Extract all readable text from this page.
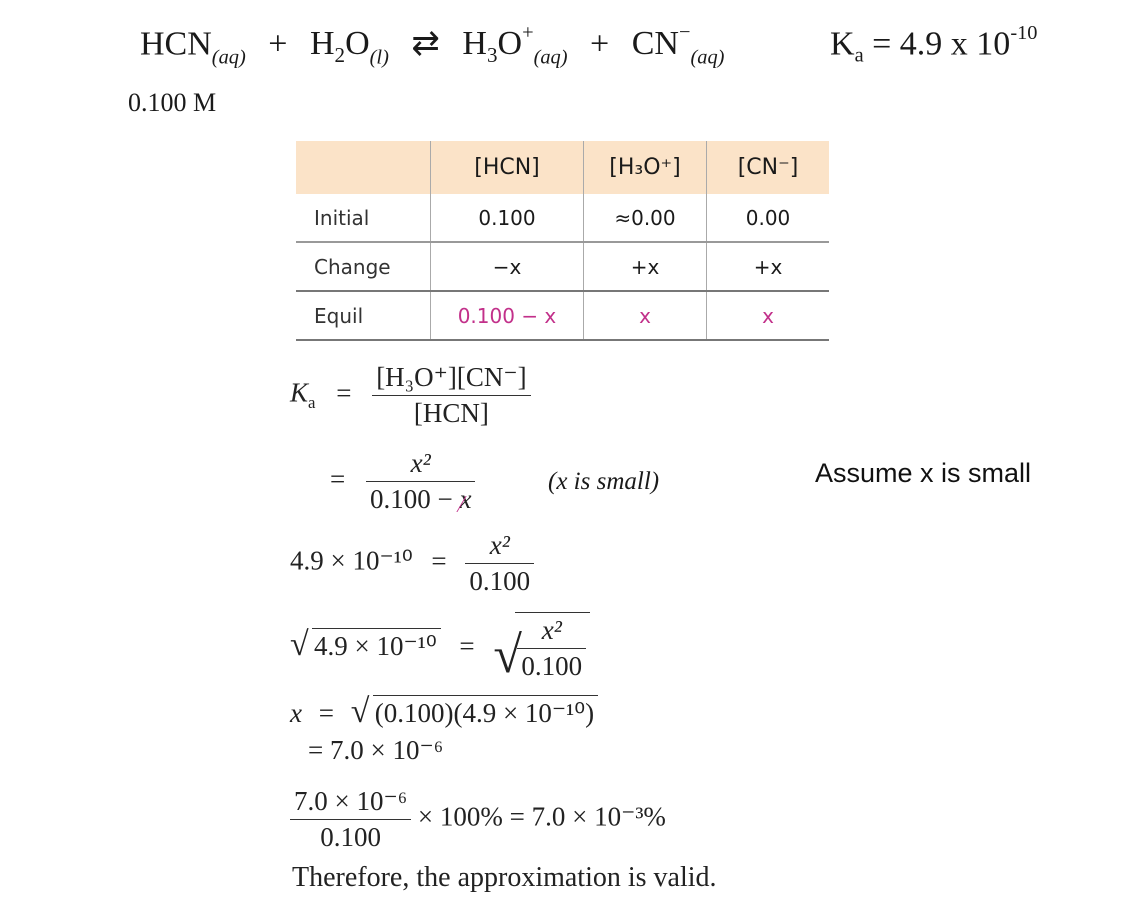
$HCN_{(aq)} + H_2O_{(l)}$ ⇄ $H_3O^+_{(aq)} + CN^-_{(aq)}$	$K_a = 4.9$ x $10^{-10}$
0.100 M
	[HCN]	[H₃O⁺]	[CN⁻]
Initial	0.100	≈0.00	0.00
Change	−x	+x	+x
Equil	0.100 − x	x	x
$K_a = \frac{\text{[H₃O⁺][CN⁻]}}{\text{[HCN]}}$
= $\frac{\text{x²}}{0.100 - x}$	(x is small)	Assume x is small
$4.9 \times 10^{-10} = \frac{\text{x²}}{0.100}$
√ 4.9 × 10⁻¹⁰ = √
$\frac{\text{x²}}{0.100}$
x = √ (0.100)(4.9 × 10⁻¹⁰)
= 7.0 × 10⁻⁶
$\frac{\text{7.0 × 10⁻⁶}}{0.100} \times 100\% = 7.0 \times 10^{-3}\%$
Therefore, the approximation is valid.
